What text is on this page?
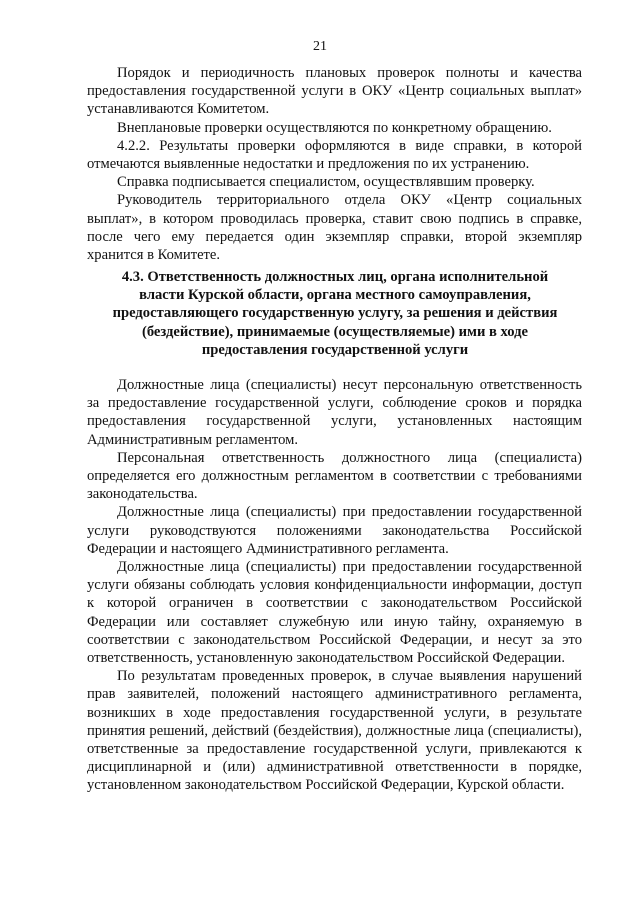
21

Порядок и периодичность плановых проверок полноты и качества предоставления государственной услуги в ОКУ «Центр социальных выплат» устанавливаются Комитетом.

Внеплановые проверки осуществляются по конкретному обращению.

4.2.2. Результаты проверки оформляются в виде справки, в которой отмечаются выявленные недостатки и предложения по их устранению.

Справка подписывается специалистом, осуществлявшим проверку.

Руководитель территориального отдела ОКУ «Центр социальных выплат», в котором проводилась проверка, ставит свою подпись в справке, после чего ему передается один экземпляр справки, второй экземпляр хранится в Комитете.

4.3. Ответственность должностных лиц, органа исполнительной
власти Курской области, органа местного самоуправления,
предоставляющего государственную услугу, за решения и действия
(бездействие), принимаемые (осуществляемые) ими в ходе
предоставления государственной услуги

Должностные лица (специалисты) несут персональную ответственность за предоставление государственной услуги, соблюдение сроков и порядка предоставления государственной услуги, установленных настоящим Административным регламентом.

Персональная ответственность должностного лица (специалиста) определяется его должностным регламентом в соответствии с требованиями законодательства.

Должностные лица (специалисты) при предоставлении государственной услуги руководствуются положениями законодательства Российской Федерации и настоящего Административного регламента.

Должностные лица (специалисты) при предоставлении государственной услуги обязаны соблюдать условия конфиденциальности информации, доступ к которой ограничен в соответствии с законодательством Российской Федерации или составляет служебную или иную тайну, охраняемую в соответствии с законодательством Российской Федерации, и несут за это ответственность, установленную законодательством Российской Федерации.

По результатам проведенных проверок, в случае выявления нарушений прав заявителей, положений настоящего административного регламента, возникших в ходе предоставления государственной услуги, в результате принятия решений, действий (бездействия), должностные лица (специалисты), ответственные за предоставление государственной услуги, привлекаются к дисциплинарной и (или) административной ответственности в порядке, установленном законодательством Российской Федерации, Курской области.
